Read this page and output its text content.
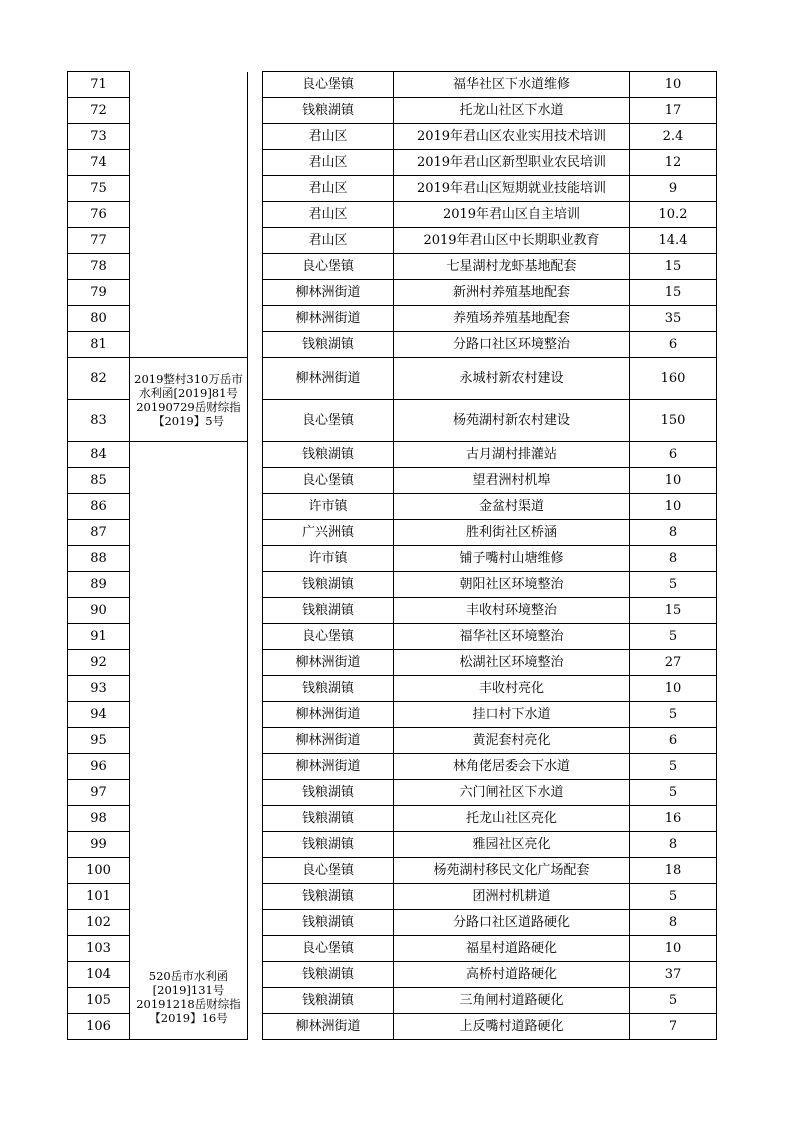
71			良心堡镇	福华社区下水道维修	10
72			钱粮湖镇	托龙山社区下水道	17
73			君山区	2019年君山区农业实用技术培训	2.4
74			君山区	2019年君山区新型职业农民培训	12
75			君山区	2019年君山区短期就业技能培训	9
76			君山区	2019年君山区自主培训	10.2
77			君山区	2019年君山区中长期职业教育	14.4
78			良心堡镇	七星湖村龙虾基地配套	15
79			柳林洲街道	新洲村养殖基地配套	15
80			柳林洲街道	养殖场养殖基地配套	35
81			钱粮湖镇	分路口社区环境整治	6
82	2019整村310万岳市水利函[2019]81号20190729岳财综指【2019】5号		柳林洲街道	永城村新农村建设	160
83			良心堡镇	杨苑湖村新农村建设	150
84	520岳市水利函[2019]131号20191218岳财综指【2019】16号		钱粮湖镇	古月湖村排灌站	6
85			良心堡镇	望君洲村机埠	10
86			许市镇	金盆村渠道	10
87			广兴洲镇	胜利街社区桥涵	8
88			许市镇	铺子嘴村山塘维修	8
89			钱粮湖镇	朝阳社区环境整治	5
90			钱粮湖镇	丰收村环境整治	15
91			良心堡镇	福华社区环境整治	5
92			柳林洲街道	松湖社区环境整治	27
93			钱粮湖镇	丰收村亮化	10
94			柳林洲街道	挂口村下水道	5
95			柳林洲街道	黄泥套村亮化	6
96			柳林洲街道	林角佬居委会下水道	5
97			钱粮湖镇	六门闸社区下水道	5
98			钱粮湖镇	托龙山社区亮化	16
99			钱粮湖镇	雅园社区亮化	8
100			良心堡镇	杨苑湖村移民文化广场配套	18
101			钱粮湖镇	团洲村机耕道	5
102			钱粮湖镇	分路口社区道路硬化	8
103			良心堡镇	福星村道路硬化	10
104			钱粮湖镇	高桥村道路硬化	37
105			钱粮湖镇	三角闸村道路硬化	5
106			柳林洲街道	上反嘴村道路硬化	7
